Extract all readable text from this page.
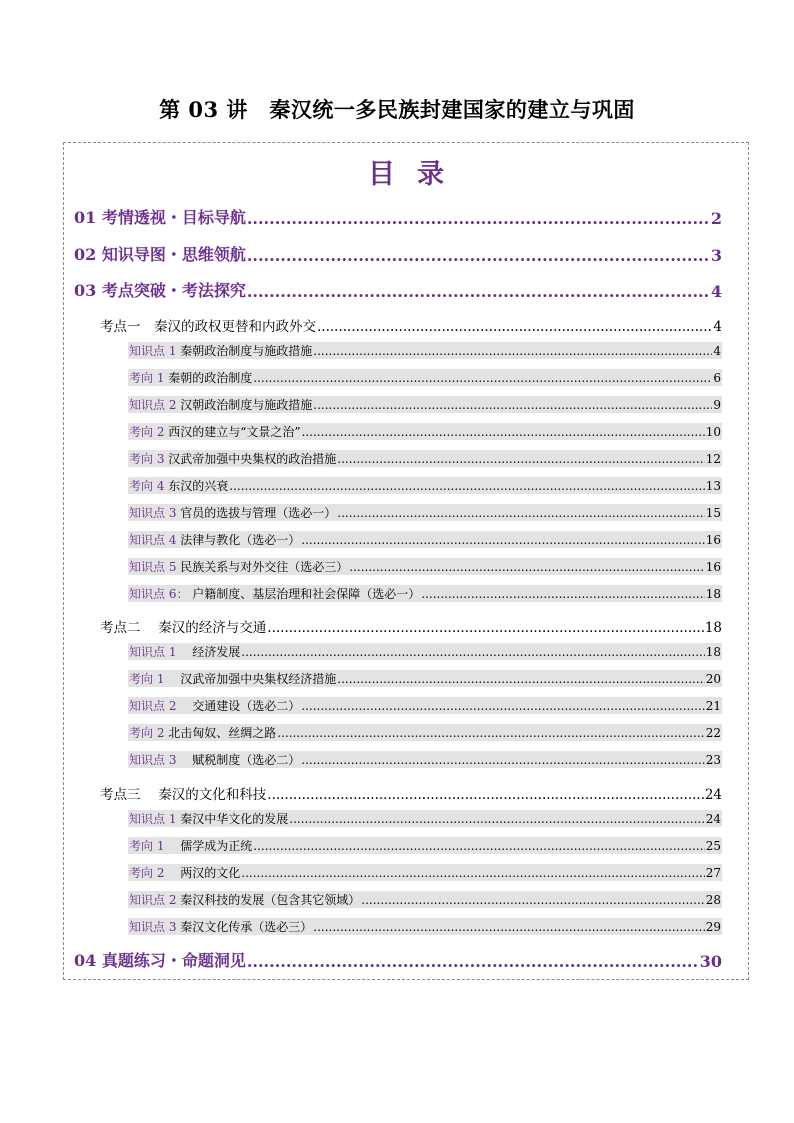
第 03 讲　秦汉统一多民族封建国家的建立与巩固
目录
01 考情透视・目标导航 .....	2
02 知识导图・思维领航 .....	3
03 考点突破・考法探究 .....	4
考点一　秦汉的政权更替和内政外交 .....	4
知识点 1 秦朝政治制度与施政措施 .....	4
考向 1 秦朝的政治制度 .....	6
知识点 2 汉朝政治制度与施政措施 .....	9
考向 2 西汉的建立与“文景之治” .....	10
考向 3 汉武帝加强中央集权的政治措施 .....	12
考向 4 东汉的兴衰 .....	13
知识点 3 官员的选拔与管理（选必一） .....	15
知识点 4 法律与教化（选必一） .....	16
知识点 5 民族关系与对外交往（选必三） .....	16
知识点 6： 户籍制度、基层治理和社会保障（选必一） .....	18
考点二　 秦汉的经济与交通 .....	18
知识点 1 　经济发展 .....	18
考向 1 　汉武帝加强中央集权经济措施 .....	20
知识点 2 　交通建设（选必二） .....	21
考向 2 北击匈奴、丝绸之路 .....	22
知识点 3 　赋税制度（选必二） .....	23
考点三　 秦汉的文化和科技 .....	24
知识点 1 秦汉中华文化的发展 .....	24
考向 1 　儒学成为正统 .....	25
考向 2 　两汉的文化 .....	27
知识点 2 秦汉科技的发展（包含其它领域） .....	28
知识点 3 秦汉文化传承（选必三） .....	29
04 真题练习・命题洞见 .....	30
